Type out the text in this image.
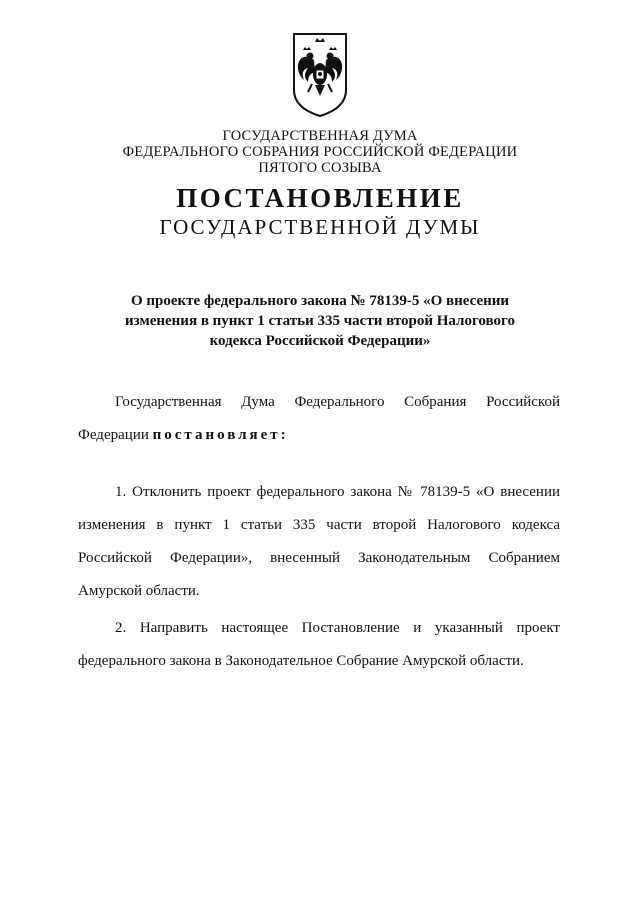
ГОСУДАРСТВЕННАЯ ДУМА
ФЕДЕРАЛЬНОГО СОБРАНИЯ РОССИЙСКОЙ ФЕДЕРАЦИИ
ПЯТОГО СОЗЫВА
ПОСТАНОВЛЕНИЕ
ГОСУДАРСТВЕННОЙ ДУМЫ
О проекте федерального закона № 78139-5 «О внесении
изменения в пункт 1 статьи 335 части второй Налогового
кодекса Российской Федерации»
Государственная Дума Федерального Собрания Российской
Федерации постановляет:
1. Отклонить проект федерального закона № 78139-5 «О внесении
изменения в пункт 1 статьи 335 части второй Налогового кодекса
Российской Федерации», внесенный Законодательным Собранием
Амурской области.
2. Направить настоящее Постановление и указанный проект
федерального закона в Законодательное Собрание Амурской области.
